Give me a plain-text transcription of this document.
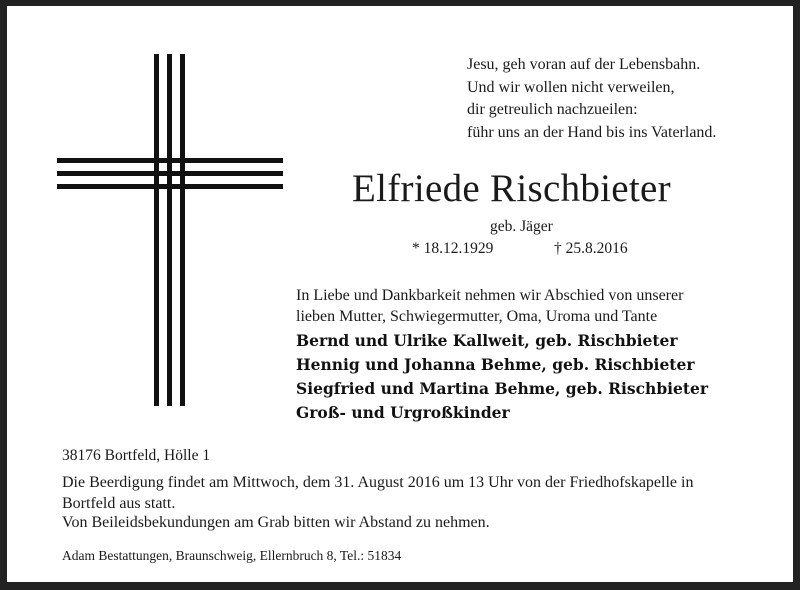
Jesu, geh voran auf der Lebensbahn.
Und wir wollen nicht verweilen,
dir getreulich nachzueilen:
führ uns an der Hand bis ins Vaterland.
Elfriede Rischbieter
geb. Jäger
* 18.12.1929	† 25.8.2016
In Liebe und Dankbarkeit nehmen wir Abschied von unserer
lieben Mutter, Schwiegermutter, Oma, Uroma und Tante
Bernd und Ulrike Kallweit, geb. Rischbieter
Hennig und Johanna Behme, geb. Rischbieter
Siegfried und Martina Behme, geb. Rischbieter
Groß- und Urgroßkinder
38176 Bortfeld, Hölle 1
Die Beerdigung findet am Mittwoch, dem 31. August 2016 um 13 Uhr von der Friedhofskapelle in
Bortfeld aus statt.
Von Beileidsbekundungen am Grab bitten wir Abstand zu nehmen.
Adam Bestattungen, Braunschweig, Ellernbruch 8, Tel.: 51834
